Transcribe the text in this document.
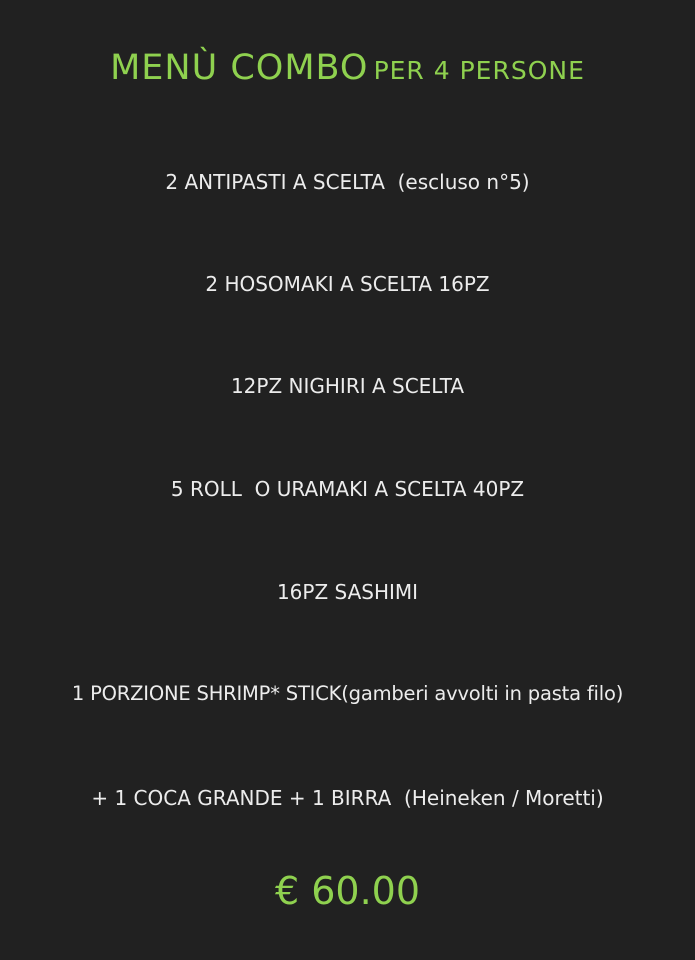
MENÙ COMBO PER 4 PERSONE
2 ANTIPASTI A SCELTA  (escluso n°5)
2 HOSOMAKI A SCELTA 16PZ
12PZ NIGHIRI A SCELTA
5 ROLL  O URAMAKI A SCELTA 40PZ
16PZ SASHIMI
1 PORZIONE SHRIMP* STICK(gamberi avvolti in pasta filo)
+ 1 COCA GRANDE + 1 BIRRA  (Heineken / Moretti)
€ 60.00
